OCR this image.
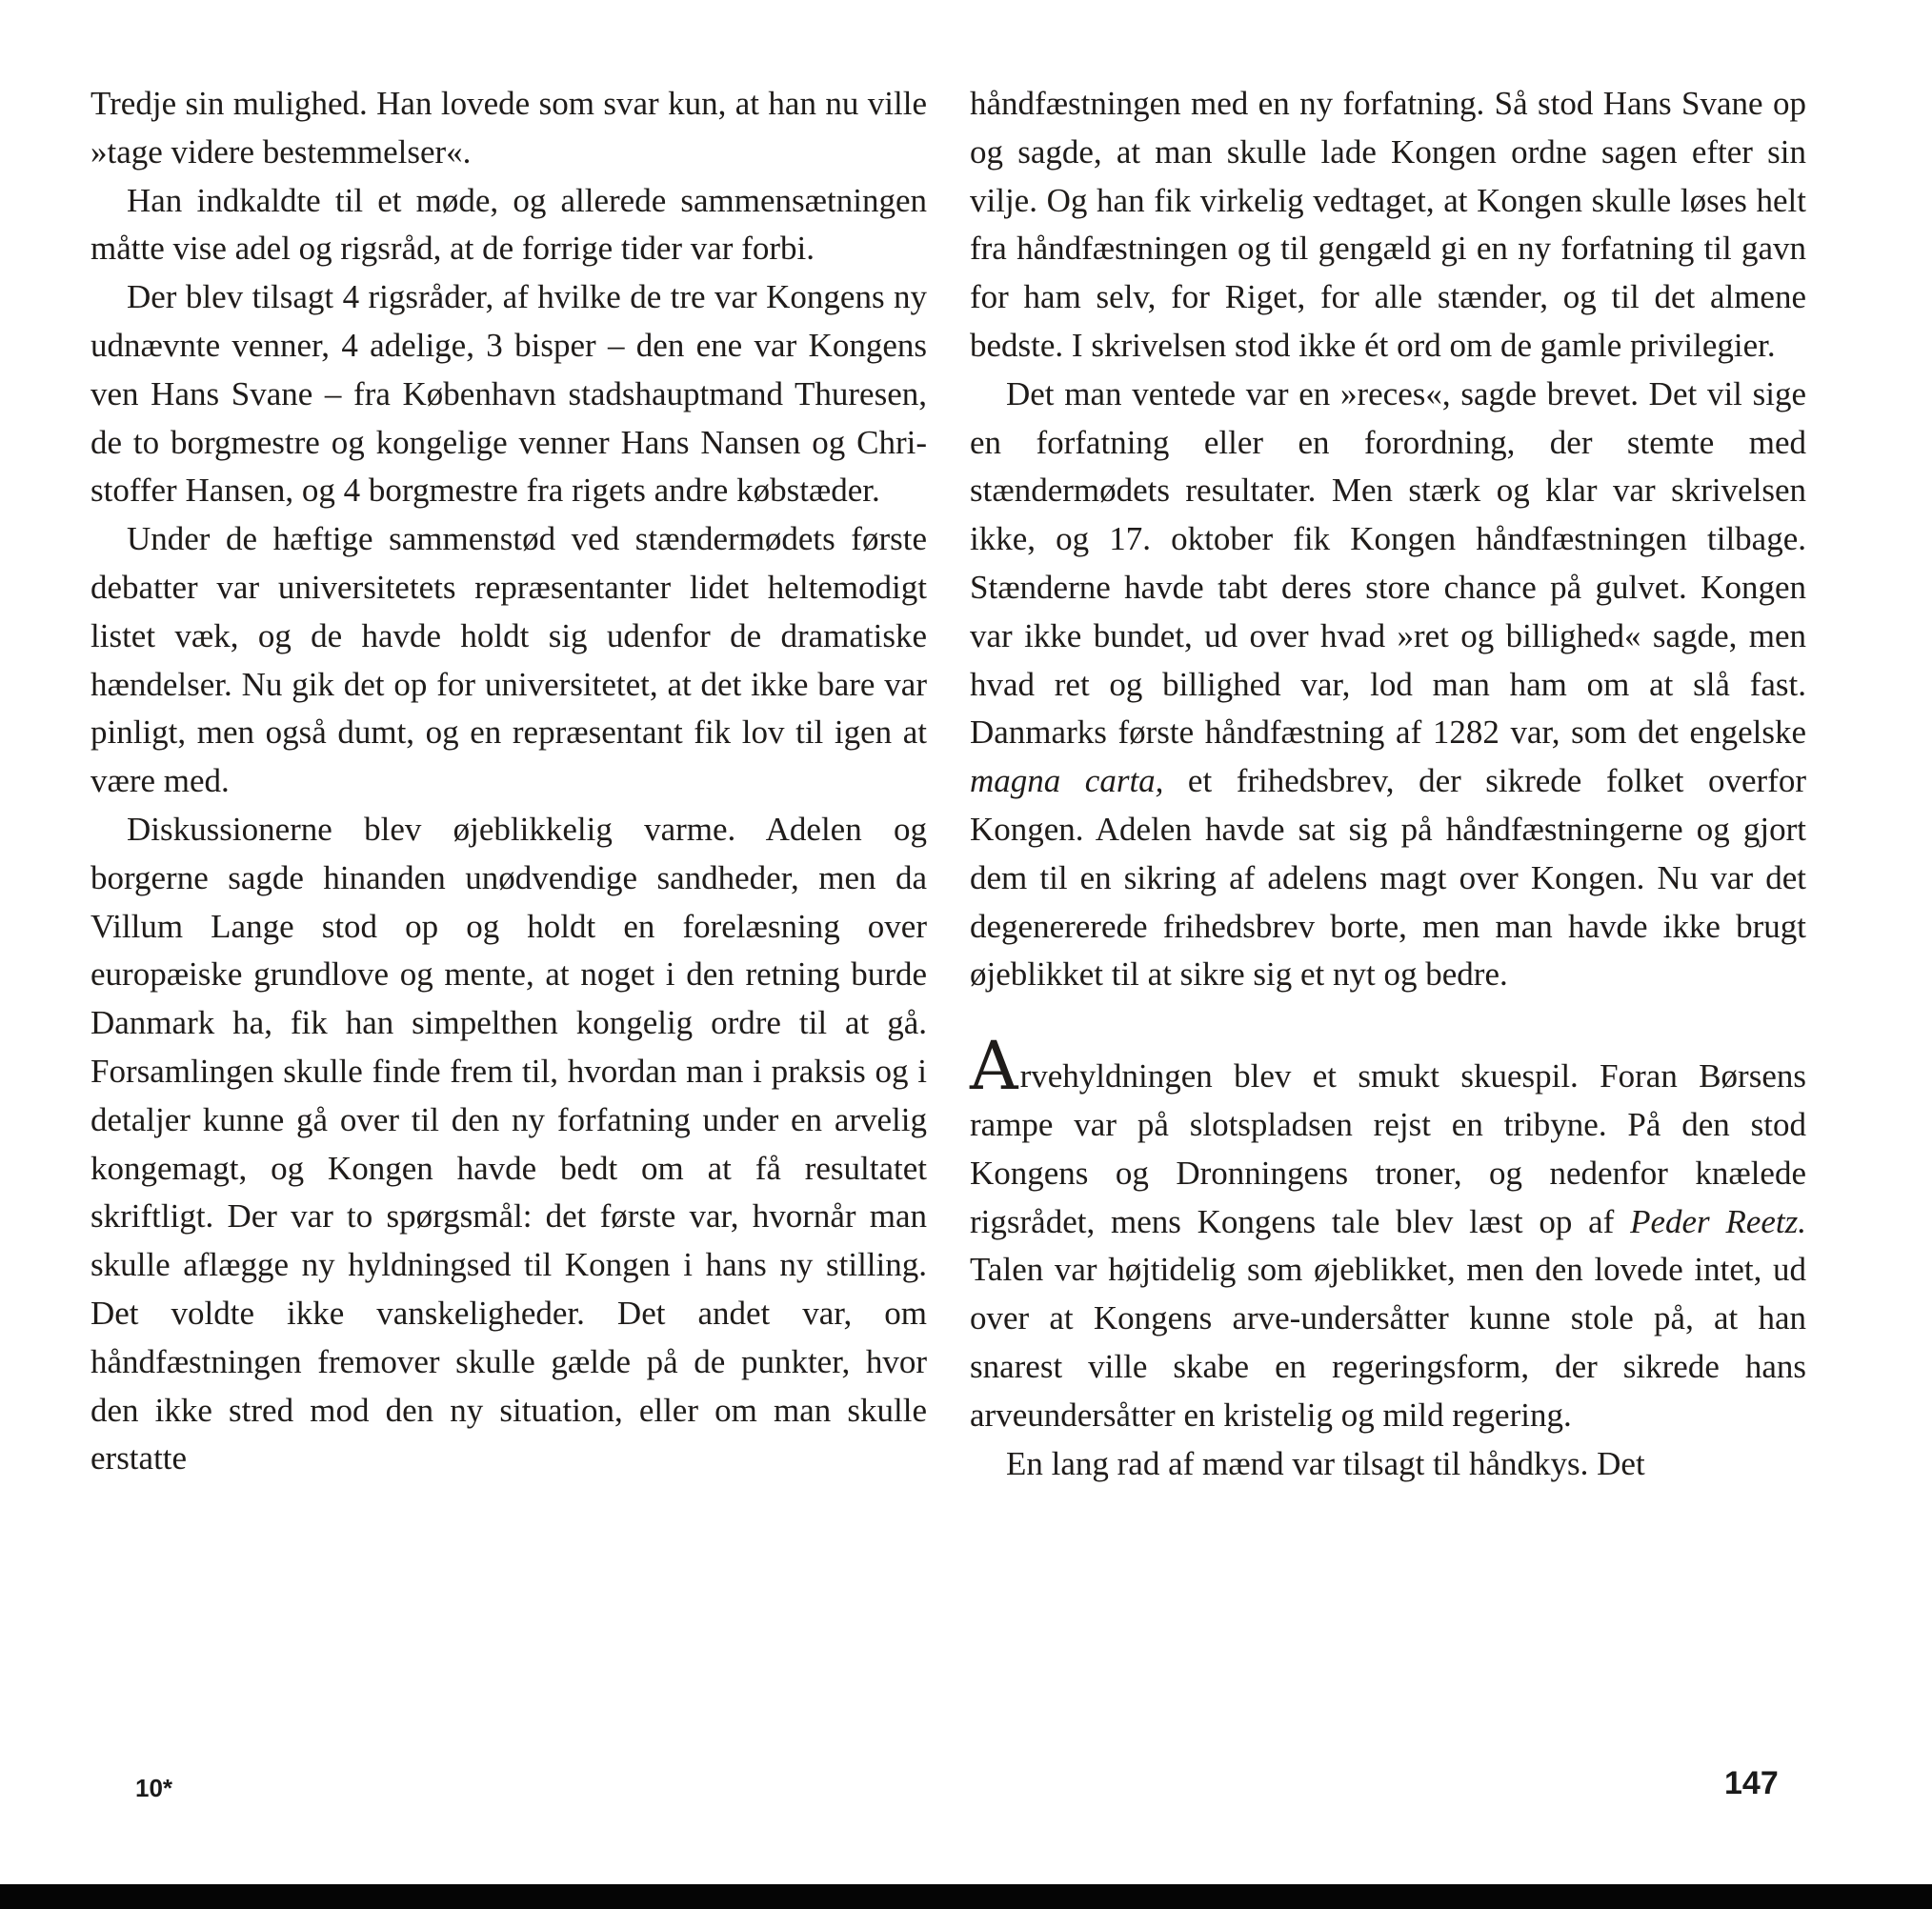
Tredje sin mulighed. Han lovede som svar kun, at han nu ville »tage videre bestemmelser«.

Han indkaldte til et møde, og allerede sammensætningen måtte vise adel og rigsråd, at de forrige tider var forbi.

Der blev tilsagt 4 rigsråder, af hvilke de tre var Kongens ny udnævnte venner, 4 adelige, 3 bisper – den ene var Kongens ven Hans Svane – fra København stadshauptmand Thuresen, de to borgmestre og kongelige venner Hans Nansen og Christoffer Hansen, og 4 borgmestre fra rigets andre købstæder.

Under de hæftige sammenstød ved stændermødets første debatter var universitetets repræsentanter lidet heltemodigt listet væk, og de havde holdt sig udenfor de dramatiske hændelser. Nu gik det op for universitetet, at det ikke bare var pinligt, men også dumt, og en repræsentant fik lov til igen at være med.

Diskussionerne blev øjeblikkelig varme. Adelen og borgerne sagde hinanden unødvendige sandheder, men da Villum Lange stod op og holdt en forelæsning over europæiske grundlove og mente, at noget i den retning burde Danmark ha, fik han simpelthen kongelig ordre til at gå. Forsamlingen skulle finde frem til, hvordan man i praksis og i detaljer kunne gå over til den ny forfatning under en arvelig kongemagt, og Kongen havde bedt om at få resultatet skriftligt. Der var to spørgsmål: det første var, hvornår man skulle aflægge ny hyldningsed til Kongen i hans ny stilling. Det voldte ikke vanskeligheder. Det andet var, om håndfæstningen fremover skulle gælde på de punkter, hvor den ikke stred mod den ny situation, eller om man skulle erstatte

håndfæstningen med en ny forfatning. Så stod Hans Svane op og sagde, at man skulle lade Kongen ordne sagen efter sin vilje. Og han fik virkelig vedtaget, at Kongen skulle løses helt fra håndfæstningen og til gengæld gi en ny forfatning til gavn for ham selv, for Riget, for alle stænder, og til det almene bedste. I skrivelsen stod ikke ét ord om de gamle privilegier.

Det man ventede var en »reces«, sagde brevet. Det vil sige en forfatning eller en forordning, der stemte med stændermødets resultater. Men stærk og klar var skrivelsen ikke, og 17. oktober fik Kongen håndfæstningen tilbage. Stænderne havde tabt deres store chance på gulvet. Kongen var ikke bundet, ud over hvad »ret og billighed« sagde, men hvad ret og billighed var, lod man ham om at slå fast. Danmarks første håndfæstning af 1282 var, som det engelske magna carta, et frihedsbrev, der sikrede folket overfor Kongen. Adelen havde sat sig på håndfæstningerne og gjort dem til en sikring af adelens magt over Kongen. Nu var det degenererede frihedsbrev borte, men man havde ikke brugt øjeblikket til at sikre sig et nyt og bedre.

Arvehyldningen blev et smukt skuespil. Foran Børsens rampe var på slotspladsen rejst en tribyne. På den stod Kongens og Dronningens troner, og nedenfor knælede rigsrådet, mens Kongens tale blev læst op af Peder Reetz. Talen var højtidelig som øjeblikket, men den lovede intet, ud over at Kongens arve-undersåtter kunne stole på, at han snarest ville skabe en regeringsform, der sikrede hans arveundersåtter en kristelig og mild regering.

En lang rad af mænd var tilsagt til håndkys. Det

10*	147
